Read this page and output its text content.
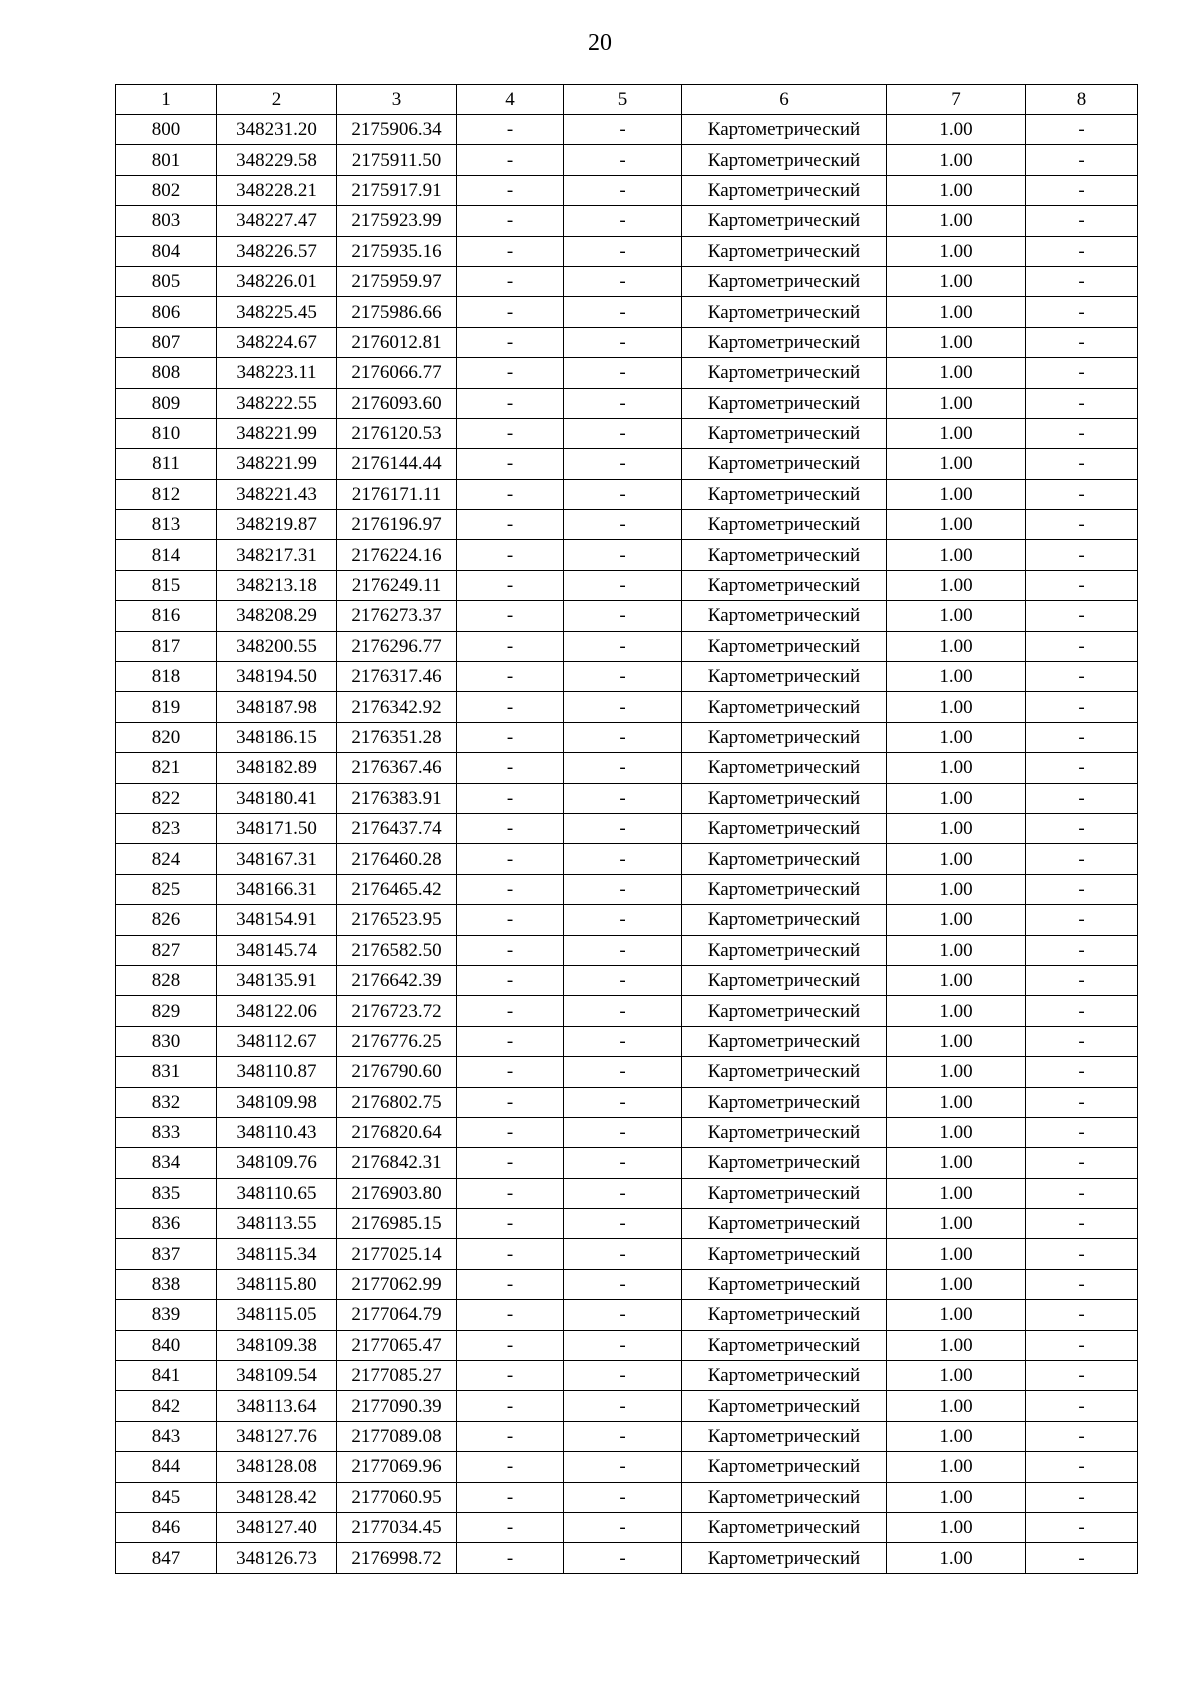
20
1	2	3	4	5	6	7	8
800	348231.20	2175906.34	-	-	Картометрический	1.00	-
801	348229.58	2175911.50	-	-	Картометрический	1.00	-
802	348228.21	2175917.91	-	-	Картометрический	1.00	-
803	348227.47	2175923.99	-	-	Картометрический	1.00	-
804	348226.57	2175935.16	-	-	Картометрический	1.00	-
805	348226.01	2175959.97	-	-	Картометрический	1.00	-
806	348225.45	2175986.66	-	-	Картометрический	1.00	-
807	348224.67	2176012.81	-	-	Картометрический	1.00	-
808	348223.11	2176066.77	-	-	Картометрический	1.00	-
809	348222.55	2176093.60	-	-	Картометрический	1.00	-
810	348221.99	2176120.53	-	-	Картометрический	1.00	-
811	348221.99	2176144.44	-	-	Картометрический	1.00	-
812	348221.43	2176171.11	-	-	Картометрический	1.00	-
813	348219.87	2176196.97	-	-	Картометрический	1.00	-
814	348217.31	2176224.16	-	-	Картометрический	1.00	-
815	348213.18	2176249.11	-	-	Картометрический	1.00	-
816	348208.29	2176273.37	-	-	Картометрический	1.00	-
817	348200.55	2176296.77	-	-	Картометрический	1.00	-
818	348194.50	2176317.46	-	-	Картометрический	1.00	-
819	348187.98	2176342.92	-	-	Картометрический	1.00	-
820	348186.15	2176351.28	-	-	Картометрический	1.00	-
821	348182.89	2176367.46	-	-	Картометрический	1.00	-
822	348180.41	2176383.91	-	-	Картометрический	1.00	-
823	348171.50	2176437.74	-	-	Картометрический	1.00	-
824	348167.31	2176460.28	-	-	Картометрический	1.00	-
825	348166.31	2176465.42	-	-	Картометрический	1.00	-
826	348154.91	2176523.95	-	-	Картометрический	1.00	-
827	348145.74	2176582.50	-	-	Картометрический	1.00	-
828	348135.91	2176642.39	-	-	Картометрический	1.00	-
829	348122.06	2176723.72	-	-	Картометрический	1.00	-
830	348112.67	2176776.25	-	-	Картометрический	1.00	-
831	348110.87	2176790.60	-	-	Картометрический	1.00	-
832	348109.98	2176802.75	-	-	Картометрический	1.00	-
833	348110.43	2176820.64	-	-	Картометрический	1.00	-
834	348109.76	2176842.31	-	-	Картометрический	1.00	-
835	348110.65	2176903.80	-	-	Картометрический	1.00	-
836	348113.55	2176985.15	-	-	Картометрический	1.00	-
837	348115.34	2177025.14	-	-	Картометрический	1.00	-
838	348115.80	2177062.99	-	-	Картометрический	1.00	-
839	348115.05	2177064.79	-	-	Картометрический	1.00	-
840	348109.38	2177065.47	-	-	Картометрический	1.00	-
841	348109.54	2177085.27	-	-	Картометрический	1.00	-
842	348113.64	2177090.39	-	-	Картометрический	1.00	-
843	348127.76	2177089.08	-	-	Картометрический	1.00	-
844	348128.08	2177069.96	-	-	Картометрический	1.00	-
845	348128.42	2177060.95	-	-	Картометрический	1.00	-
846	348127.40	2177034.45	-	-	Картометрический	1.00	-
847	348126.73	2176998.72	-	-	Картометрический	1.00	-
